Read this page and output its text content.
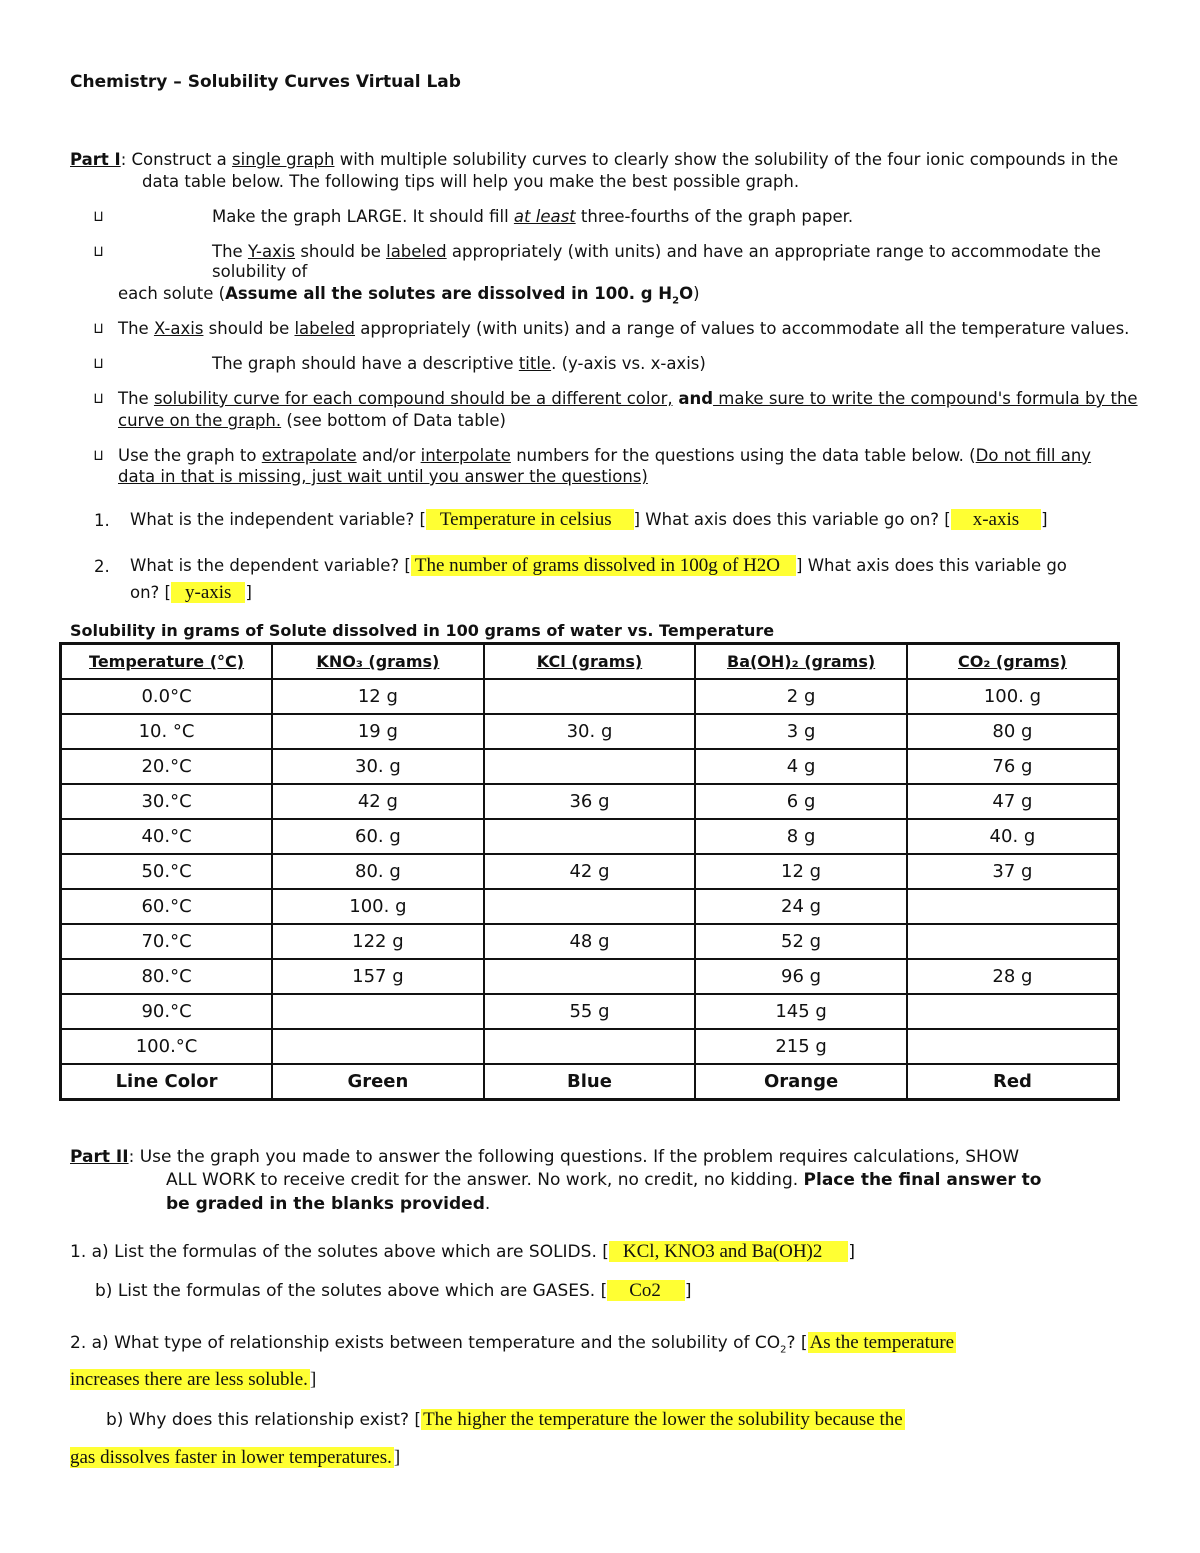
Chemistry – Solubility Curves Virtual Lab
Part I: Construct a single graph with multiple solubility curves to clearly show the solubility of the four ionic compounds in the
data table below. The following tips will help you make the best possible graph.
⊔	Make the graph LARGE. It should fill at least three-fourths of the graph paper.
⊔	The Y-axis should be labeled appropriately (with units) and have an appropriate range to accommodate the
solubility of
each solute (Assume all the solutes are dissolved in 100. g $H_2O$)
⊔ The X-axis should be labeled appropriately (with units) and a range of values to accommodate all the temperature values.
⊔	The graph should have a descriptive title. (y-axis vs. x-axis)
⊔ The solubility curve for each compound should be a different color, and make sure to write the compound's formula by the
curve on the graph. (see bottom of Data table)
⊔ Use the graph to extrapolate and/or interpolate numbers for the questions using the data table below. (Do not fill any
data in that is missing, just wait until you answer the questions)
1. What is the independent variable? [ Temperature in celsius ] What axis does this variable go on? [ x-axis ]
2. What is the dependent variable? [ The number of grams dissolved in 100g of H2O ] What axis does this variable go
on? [ y-axis ]
Solubility in grams of Solute dissolved in 100 grams of water vs. Temperature
Temperature (°C)	KNO₃ (grams)	KCl (grams)	Ba(OH)₂ (grams)	CO₂ (grams)
0.0°C	12 g		2 g	100. g
10. °C	19 g	30. g	3 g	80 g
20.°C	30. g		4 g	76 g
30.°C	42 g	36 g	6 g	47 g
40.°C	60. g		8 g	40. g
50.°C	80. g	42 g	12 g	37 g
60.°C	100. g		24 g	
70.°C	122 g	48 g	52 g	
80.°C	157 g		96 g	28 g
90.°C		55 g	145 g	
100.°C			215 g	
Line Color	Green	Blue	Orange	Red
Part II: Use the graph you made to answer the following questions. If the problem requires calculations, SHOW
ALL WORK to receive credit for the answer. No work, no credit, no kidding. Place the final answer to
be graded in the blanks provided.
1. a) List the formulas of the solutes above which are SOLIDS. [ KCl, KNO3 and Ba(OH)2 ]
b) List the formulas of the solutes above which are GASES. [ Co2 ]
2. a) What type of relationship exists between temperature and the solubility of $CO_2$? [ As the temperature
increases there are less soluble. ]
b) Why does this relationship exist? [ The higher the temperature the lower the solubility because the
gas dissolves faster in lower temperatures. ]
